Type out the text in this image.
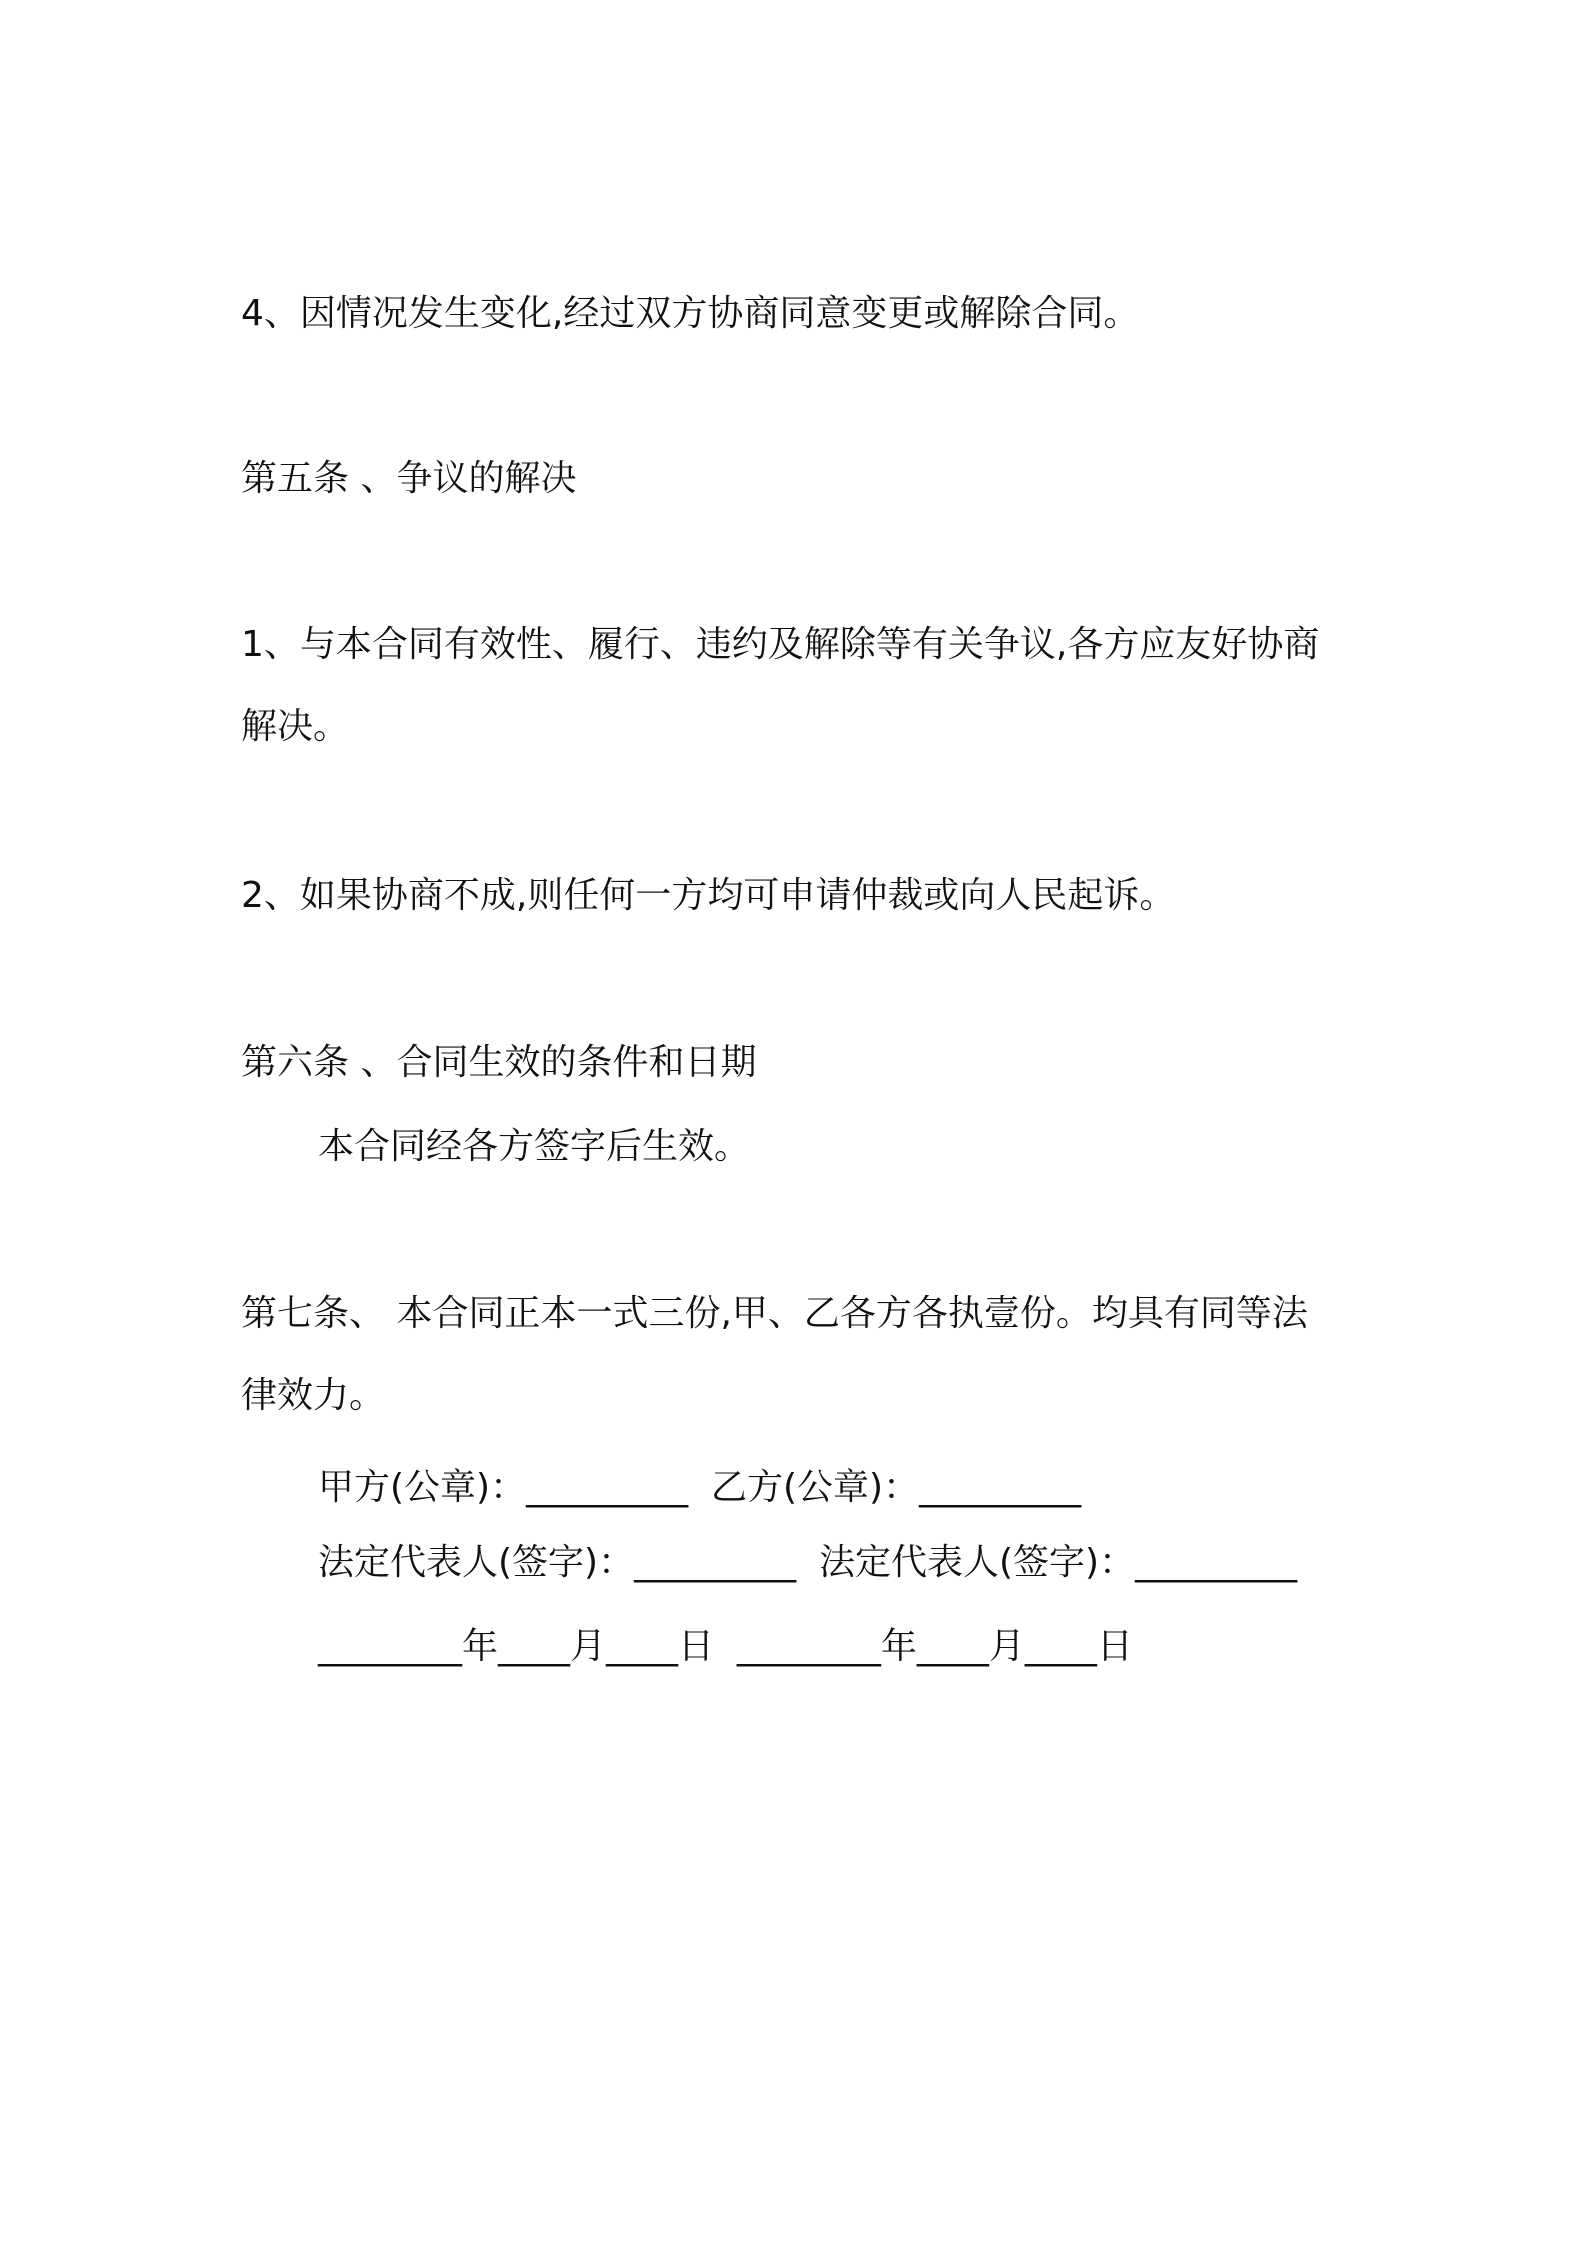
4、因情况发生变化,经过双方协商同意变更或解除合同。
第五条 、争议的解决
1、与本合同有效性、履行、违约及解除等有关争议,各方应友好协商
解决。
2、如果协商不成,则任何一方均可申请仲裁或向人民起诉。
第六条 、合同生效的条件和日期
本合同经各方签字后生效。
第七条、 本合同正本一式三份,甲、乙各方各执壹份。均具有同等法
律效力。
甲方(公章)：_________  乙方(公章)：_________
法定代表人(签字)：_________  法定代表人(签字)：_________
________年____月____日  ________年____月____日
